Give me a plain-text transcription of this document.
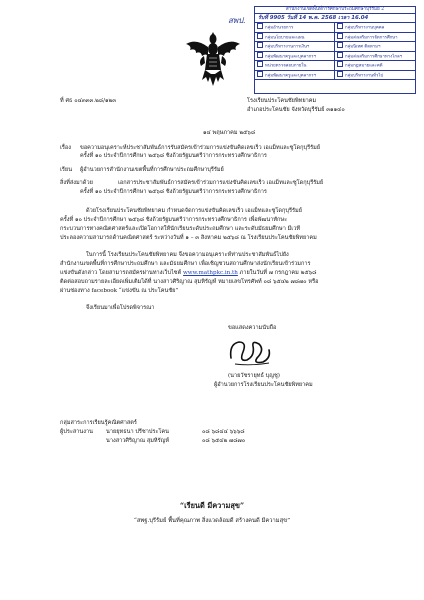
สำนักงานเขตพื้นที่การศึกษาประถมศึกษาบุรีรัมย์ 2
รับที่ 9905 วันที่ 14 พ.ค. 2568 เวลา 16.04
กลุ่มอำนวยการ	กลุ่มบริหารงานบุคคล
กลุ่มนโยบายและแผน	กลุ่มส่งเสริมการจัดการศึกษา
กลุ่มบริหารงานการเงินฯ	กลุ่มนิเทศ ติดตามฯ
กลุ่มพัฒนาครูและบุคลากรฯ	กลุ่มส่งเสริมการศึกษาทางไกลฯ
หน่วยตรวจสอบภายใน	กลุ่มกฎหมายและคดี
กลุ่มพัฒนาครูและบุคลากรฯ	กลุ่มบริหารงานทั่วไป
สพป.
ที่ ศธ ๐๔๓๓๓.๒๘/๑๒๓	โรงเรียนประโคนชัยพิทยาคม
อำเภอประโคนชัย จังหวัดบุรีรัมย์ ๓๑๑๔๐
๑๔ พฤษภาคม ๒๕๖๘
เรื่อง ขอความอนุเคราะห์ประชาสัมพันธ์การรับสมัครเข้าร่วมการแข่งขันคิดเลขเร็ว เอแม็ทและซูโดกุบุรีรัมย์
ครั้งที่ ๑๐ ประจำปีการศึกษา ๒๕๖๘ ชิงถ้วยรัฐมนตรีว่าการกระทรวงศึกษาธิการ
เรียน ผู้อำนวยการสำนักงานเขตพื้นที่การศึกษาประถมศึกษาบุรีรัมย์
สิ่งที่ส่งมาด้วย	เอกสารประชาสัมพันธ์การสมัครเข้าร่วมการแข่งขันคิดเลขเร็ว เอแม็ทและซูโดกุบุรีรัมย์
ครั้งที่ ๑๐ ประจำปีการศึกษา ๒๕๖๘ ชิงถ้วยรัฐมนตรีว่าการกระทรวงศึกษาธิการ
ด้วยโรงเรียนประโคนชัยพิทยาคม กำหนดจัดการแข่งขันคิดเลขเร็ว เอแม็ทและซูโดกุบุรีรัมย์
ครั้งที่ ๑๐ ประจำปีการศึกษา ๒๕๖๘ ชิงถ้วยรัฐมนตรีว่าการกระทรวงศึกษาธิการ เพื่อพัฒนาทักษะ
กระบวนการทางคณิตศาสตร์และเปิดโอกาสให้นักเรียนระดับประถมศึกษา และระดับมัธยมศึกษา มีเวที
ประลองความสามารถด้านคณิตศาสตร์ ระหว่างวันที่ ๑ – ๓ สิงหาคม ๒๕๖๘ ณ โรงเรียนประโคนชัยพิทยาคม
ในการนี้ โรงเรียนประโคนชัยพิทยาคม จึงขอความอนุเคราะห์ท่านประชาสัมพันธ์ไปยัง
สำนักงานเขตพื้นที่การศึกษาประถมศึกษา และมัธยมศึกษา เพื่อเชิญชวนสถานศึกษาส่งนักเรียนเข้าร่วมการ
แข่งขันดังกล่าว โดยสามารถสมัครผ่านทางเว็บไซต์ www.mathpkc.in.th ภายในวันที่ ๗ กรกฎาคม ๒๕๖๘
ติดต่อสอบถามรายละเอียดเพิ่มเติมได้ที่ นางสาวศิริญาณ สุมหิรัญห์ หมายเลขโทรศัพท์ ๐๘ ๖๕๔๒ ๗๘๗๐ หรือ
ผ่านช่องทาง facebook “แข่งขัน ณ ประโคนชัย”
จึงเรียนมาเพื่อโปรดพิจารณา
ขอแสดงความนับถือ
(นายวัชรายุทธ์ บุญชู)
ผู้อำนวยการโรงเรียนประโคนชัยพิทยาคม
กลุ่มสาระการเรียนรู้คณิตศาสตร์
ผู้ประสานงาน นายยุทธนา ปรีชาประโคน	๐๘ ๖๘๔๔ ๖๖๖๘
นางสาวศิริญาณ สุมหิรัญห์	๐๘ ๖๕๔๒ ๗๘๗๐
“เรียนดี มีความสุข”
“สพฐ.บุรีรัมย์ พื้นที่คุณภาพ สิ่งแวดล้อมดี สร้างคนดี มีความสุข”
